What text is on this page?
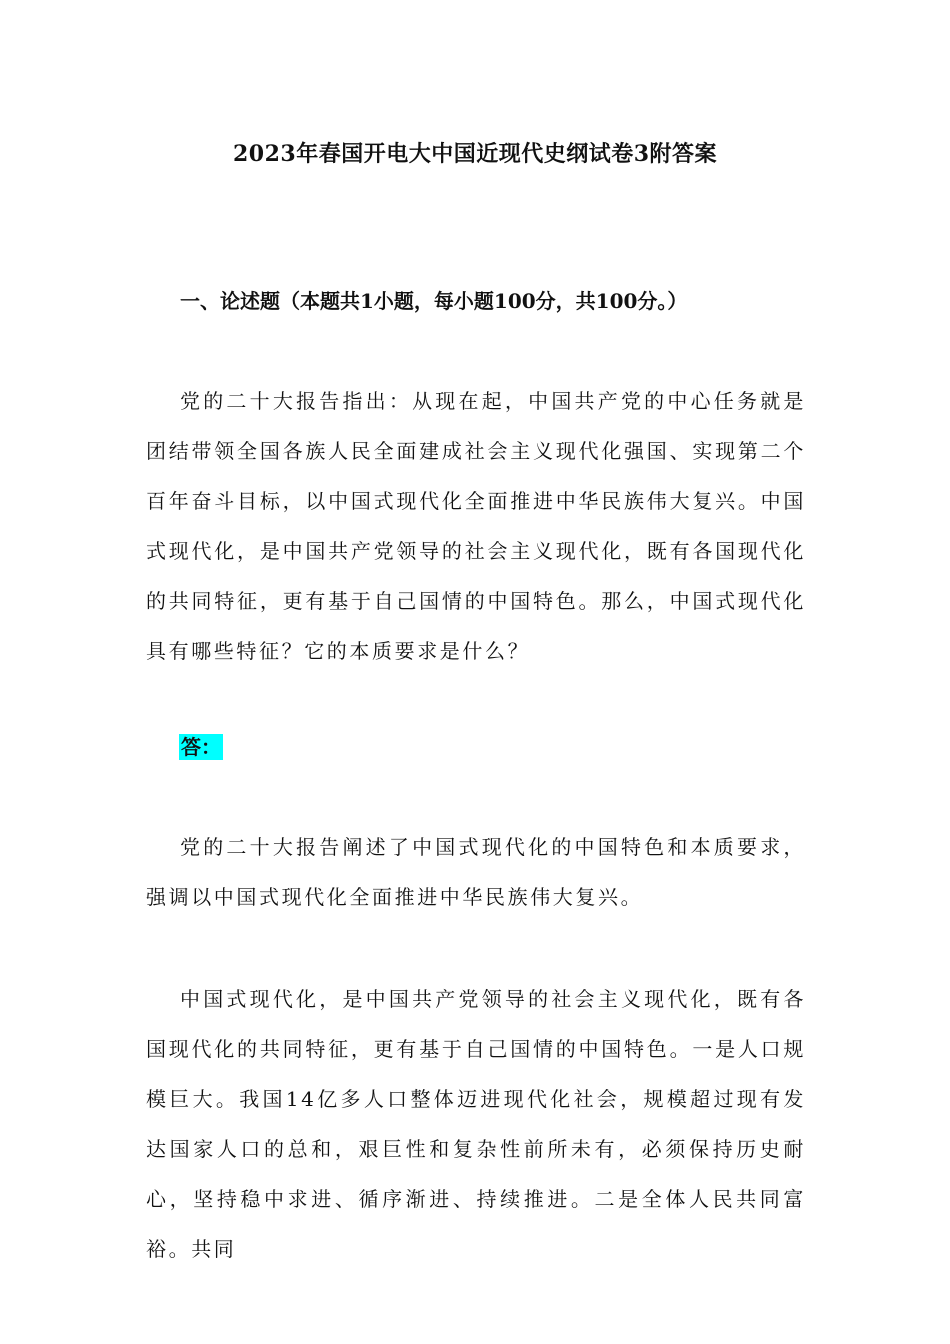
2023年春国开电大中国近现代史纲试卷3附答案
一、论述题（本题共1小题，每小题100分，共100分。）

党的二十大报告指出：从现在起，中国共产党的中心任务就是团结带领全国各族人民全面建成社会主义现代化强国、实现第二个百年奋斗目标，以中国式现代化全面推进中华民族伟大复兴。中国式现代化，是中国共产党领导的社会主义现代化，既有各国现代化的共同特征，更有基于自己国情的中国特色。那么，中国式现代化具有哪些特征？它的本质要求是什么？

答：

党的二十大报告阐述了中国式现代化的中国特色和本质要求，强调以中国式现代化全面推进中华民族伟大复兴。

中国式现代化，是中国共产党领导的社会主义现代化，既有各国现代化的共同特征，更有基于自己国情的中国特色。一是人口规模巨大。我国14亿多人口整体迈进现代化社会，规模超过现有发达国家人口的总和，艰巨性和复杂性前所未有，必须保持历史耐心，坚持稳中求进、循序渐进、持续推进。二是全体人民共同富裕。共同
